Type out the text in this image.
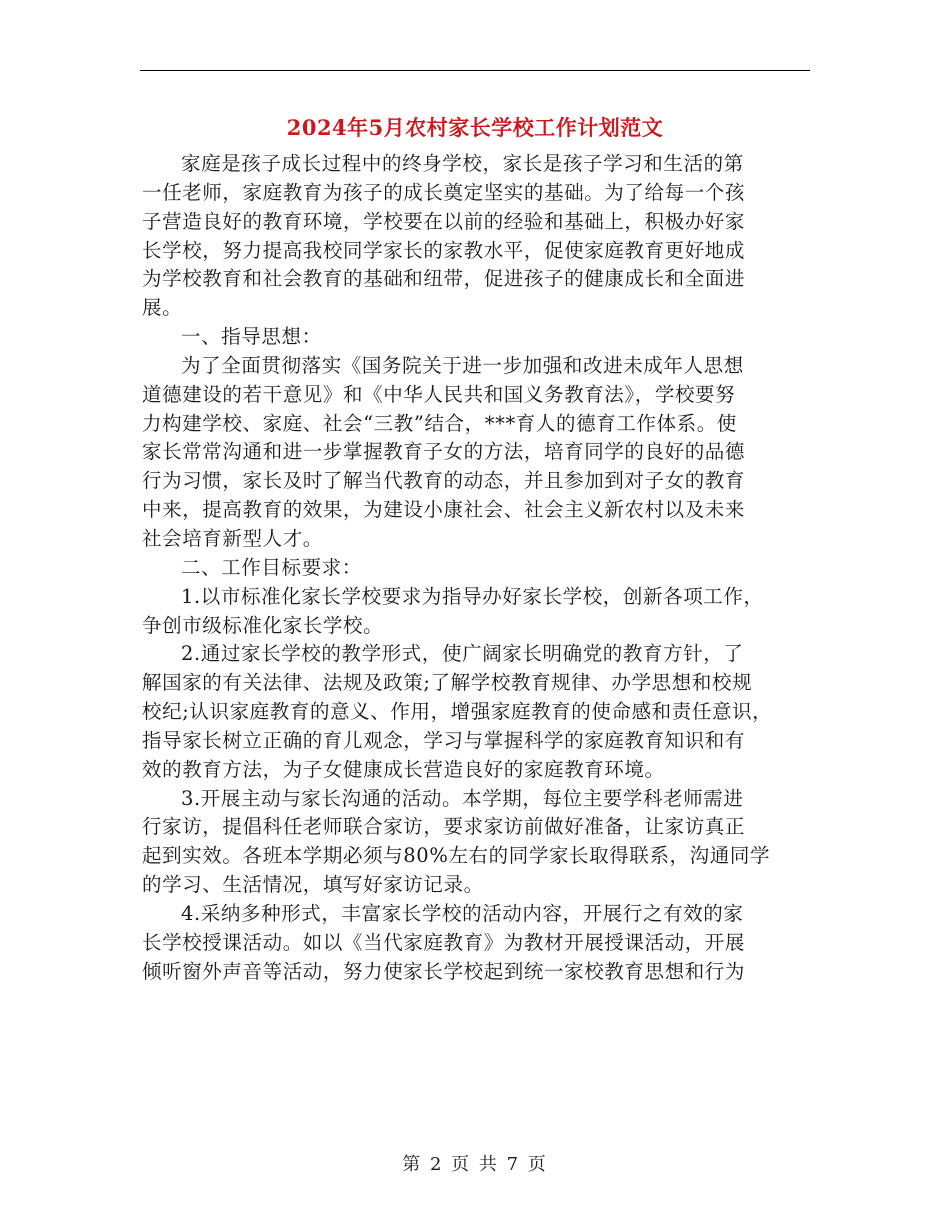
2024年5月农村家长学校工作计划范文
家庭是孩子成长过程中的终身学校，家长是孩子学习和生活的第
一任老师，家庭教育为孩子的成长奠定坚实的基础。为了给每一个孩
子营造良好的教育环境，学校要在以前的经验和基础上，积极办好家
长学校，努力提高我校同学家长的家教水平，促使家庭教育更好地成
为学校教育和社会教育的基础和纽带，促进孩子的健康成长和全面进
展。
一、指导思想：
为了全面贯彻落实《国务院关于进一步加强和改进未成年人思想
道德建设的若干意见》和《中华人民共和国义务教育法》，学校要努
力构建学校、家庭、社会“三教”结合，***育人的德育工作体系。使
家长常常沟通和进一步掌握教育子女的方法，培育同学的良好的品德
行为习惯，家长及时了解当代教育的动态，并且参加到对子女的教育
中来，提高教育的效果，为建设小康社会、社会主义新农村以及未来
社会培育新型人才。
二、工作目标要求：
1.以市标准化家长学校要求为指导办好家长学校，创新各项工作，
争创市级标准化家长学校。
2.通过家长学校的教学形式，使广阔家长明确党的教育方针，了
解国家的有关法律、法规及政策;了解学校教育规律、办学思想和校规
校纪;认识家庭教育的意义、作用，增强家庭教育的使命感和责任意识，
指导家长树立正确的育儿观念，学习与掌握科学的家庭教育知识和有
效的教育方法，为子女健康成长营造良好的家庭教育环境。
3.开展主动与家长沟通的活动。本学期，每位主要学科老师需进
行家访，提倡科任老师联合家访，要求家访前做好准备，让家访真正
起到实效。各班本学期必须与80%左右的同学家长取得联系，沟通同学
的学习、生活情况，填写好家访记录。
4.采纳多种形式，丰富家长学校的活动内容，开展行之有效的家
长学校授课活动。如以《当代家庭教育》为教材开展授课活动，开展
倾听窗外声音等活动，努力使家长学校起到统一家校教育思想和行为
第 2 页 共 7 页
